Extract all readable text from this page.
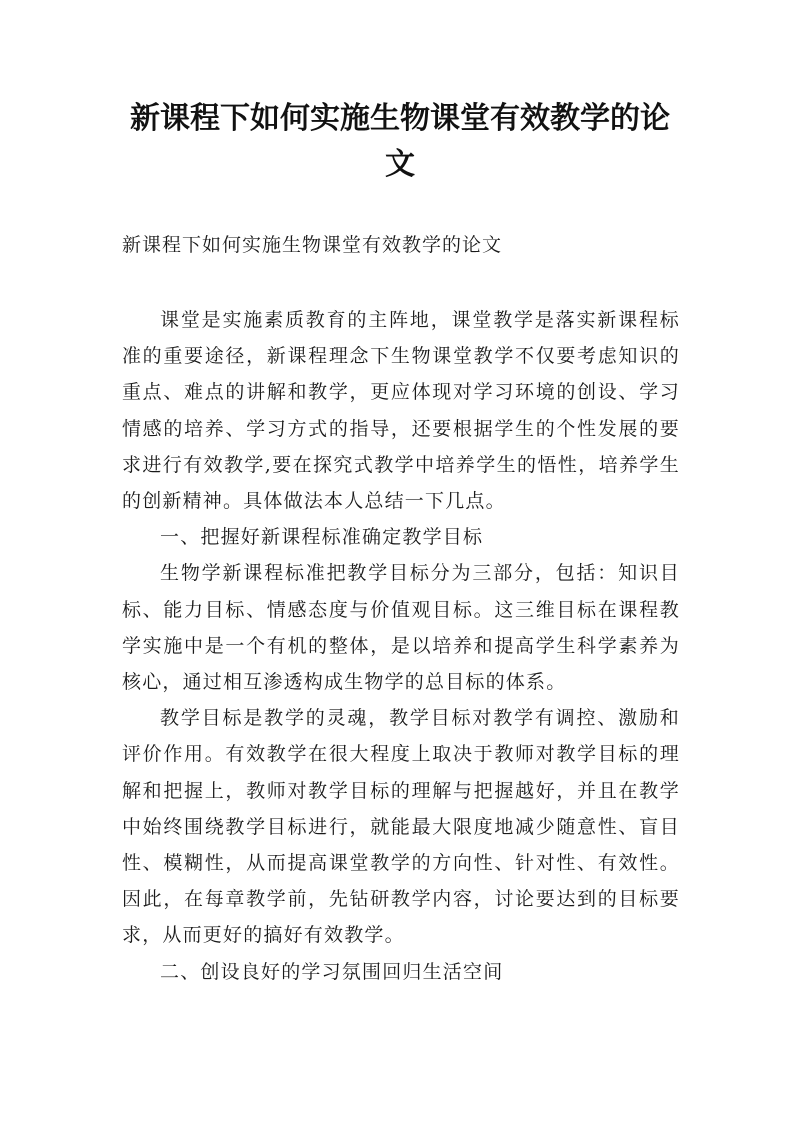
新课程下如何实施生物课堂有效教学的论文

新课程下如何实施生物课堂有效教学的论文

课堂是实施素质教育的主阵地，课堂教学是落实新课程标准的重要途径，新课程理念下生物课堂教学不仅要考虑知识的重点、难点的讲解和教学，更应体现对学习环境的创设、学习情感的培养、学习方式的指导，还要根据学生的个性发展的要求进行有效教学,要在探究式教学中培养学生的悟性，培养学生的创新精神。具体做法本人总结一下几点。

一、把握好新课程标准确定教学目标

生物学新课程标准把教学目标分为三部分，包括：知识目标、能力目标、情感态度与价值观目标。这三维目标在课程教学实施中是一个有机的整体，是以培养和提高学生科学素养为核心，通过相互渗透构成生物学的总目标的体系。

教学目标是教学的灵魂，教学目标对教学有调控、激励和评价作用。有效教学在很大程度上取决于教师对教学目标的理解和把握上，教师对教学目标的理解与把握越好，并且在教学中始终围绕教学目标进行，就能最大限度地减少随意性、盲目性、模糊性，从而提高课堂教学的方向性、针对性、有效性。因此，在每章教学前，先钻研教学内容，讨论要达到的目标要求，从而更好的搞好有效教学。

二、创设良好的学习氛围回归生活空间
